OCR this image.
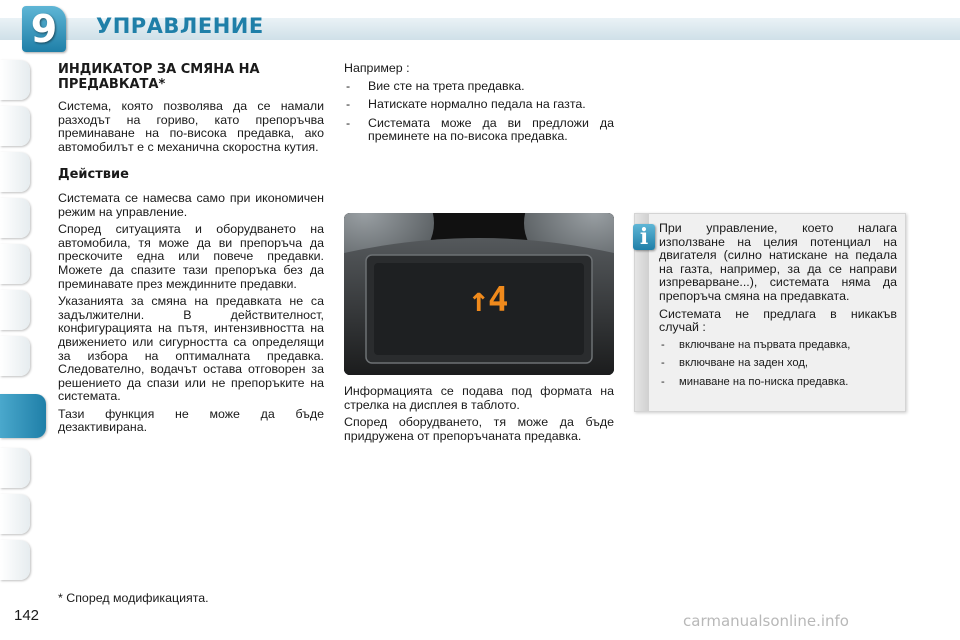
9	УПРАВЛЕНИЕ
ИНДИКАТОР ЗА СМЯНА НА ПРЕДАВКАТА*
Система, която позволява да се намали разходът на гориво, като препоръчва преминаване на по-висока предавка, ако автомобилът е с механична скоростна кутия.
Действие
Системата се намесва само при икономичен режим на управление.
Според ситуацията и оборудването на автомобила, тя може да ви препоръча да прескочите една или повече предавки. Можете да спазите тази препоръка без да преминавате през междинните предавки.
Указанията за смяна на предавката не са задължителни. В действителност, конфигурацията на пътя, интензивността на движението или сигурността са определящи за избора на оптималната предавка. Следователно, водачът остава отговорен за решението да спази или не препоръките на системата.
Тази функция не може да бъде дезактивирана.
Например :
- Вие сте на трета предавка.
- Натискате нормално педала на газта.
- Системата може да ви предложи да преминете на по-висока предавка.
↑4
Информацията се подава под формата на стрелка на дисплея в таблото.
Според оборудването, тя може да бъде придружена от препоръчаната предавка.
i При управление, което налага използване на целия потенциал на двигателя (силно натискане на педала на газта, например, за да се направи изпреварване...), системата няма да препоръча смяна на предавката.
Системата не предлага в никакъв случай :
- включване на първата предавка,
- включване на заден ход,
- минаване на по-ниска предавка.
* Според модификацията.
142	carmanualsonline.info
